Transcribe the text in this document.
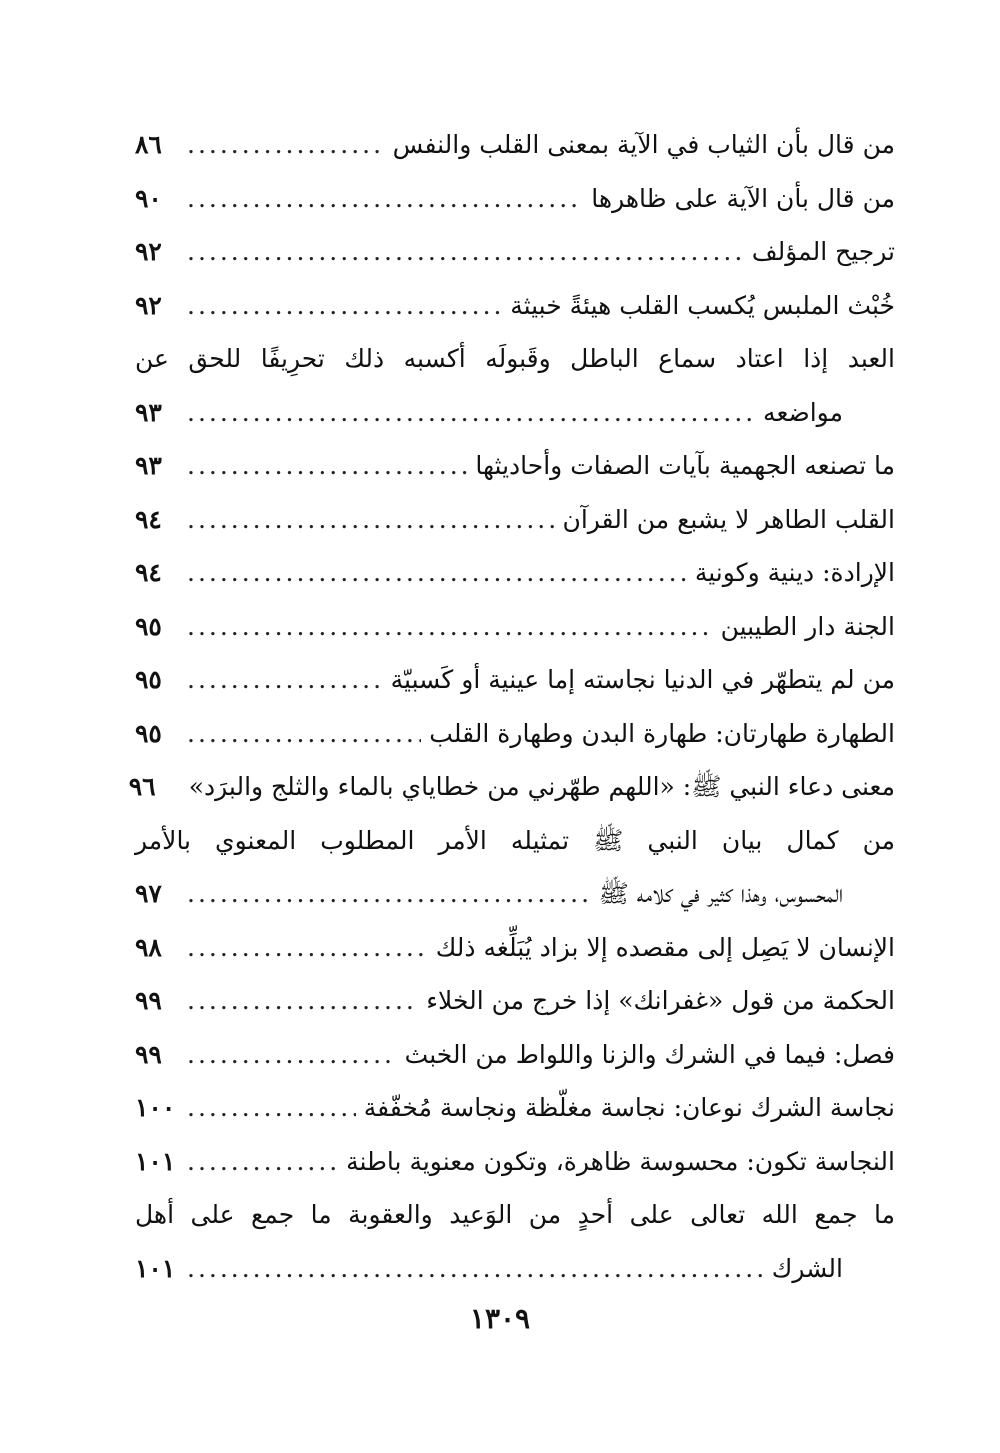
من قال بأن الثياب في الآية بمعنى القلب والنفس
.....
٨٦
من قال بأن الآية على ظاهرها
.....
٩٠
ترجيح المؤلف
.....
٩٢
خُبْث الملبس يُكسب القلب هيئةً خبيثة
.....
٩٢
العبد إذا اعتاد سماع الباطل وقَبولَه أكسبه ذلك تحرِيفًا للحق عن
مواضعه
.....
٩٣
ما تصنعه الجهمية بآيات الصفات وأحاديثها
.....
٩٣
القلب الطاهر لا يشبع من القرآن
.....
٩٤
الإرادة: دينية وكونية
.....
٩٤
الجنة دار الطيبين
.....
٩٥
من لم يتطهّر في الدنيا نجاسته إما عينية أو كَسبيّة
.....
٩٥
الطهارة طهارتان: طهارة البدن وطهارة القلب
.....
٩٥
معنى دعاء النبي ﷺ: «اللهم طهّرني من خطاياي بالماء والثلج والبرَد»
٩٦
من كمال بيان النبي ﷺ تمثيله الأمر المطلوب المعنوي بالأمر
المحسوس، وهذا كثير في كلامه ﷺ
.....
٩٧
الإنسان لا يَصِل إلى مقصده إلا بزاد يُبَلِّغه ذلك
.....
٩٨
الحكمة من قول «غفرانك» إذا خرج من الخلاء
.....
٩٩
فصل: فيما في الشرك والزنا واللواط من الخبث
.....
٩٩
نجاسة الشرك نوعان: نجاسة مغلّظة ونجاسة مُخفّفة
.....
١٠٠
النجاسة تكون: محسوسة ظاهرة، وتكون معنوية باطنة
.....
١٠١
ما جمع الله تعالى على أحدٍ من الوَعيد والعقوبة ما جمع على أهل
الشرك
.....
١٠١
١٣٠٩
